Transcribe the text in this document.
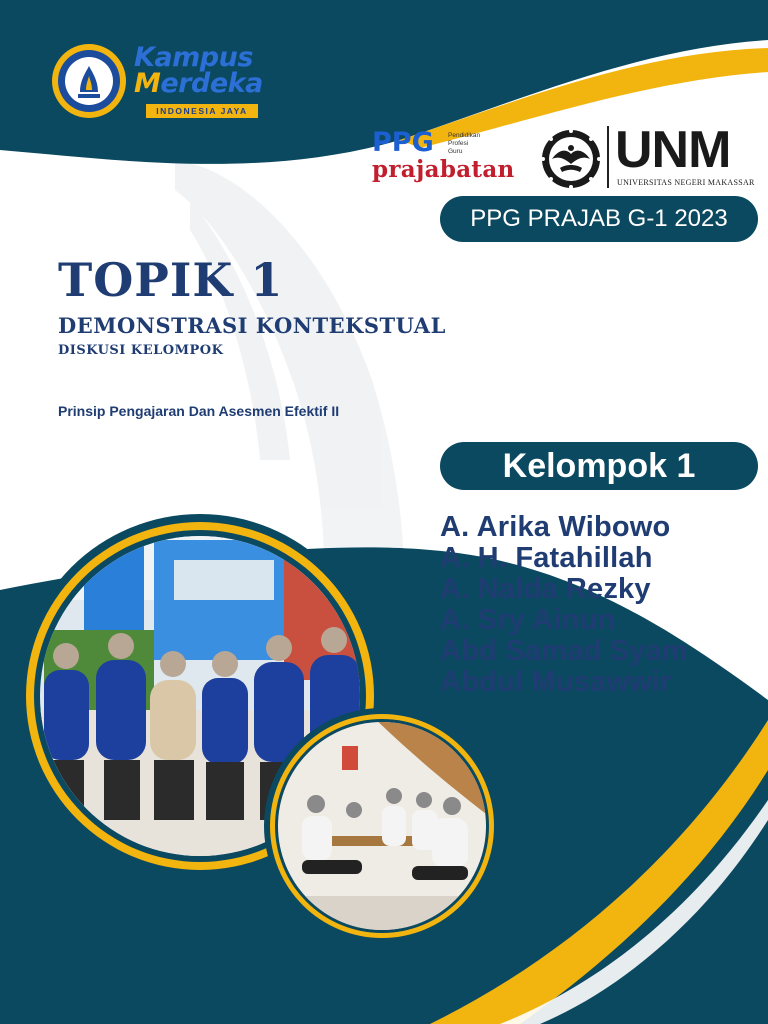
Kampus
Merdeka
INDONESIA JAYA
PPG Pendidikan
Profesi
Guru
prajabatan UNM
UNIVERSITAS NEGERI MAKASSAR
PPG PRAJAB G-1 2023
TOPIK 1
DEMONSTRASI KONTEKSTUAL
DISKUSI KELOMPOK
Prinsip Pengajaran Dan Asesmen Efektif II
Kelompok 1
A. Arika Wibowo
A. H. Fatahillah
A. Nalda Rezky
A. Sry Ainun
Abd Samad Syam
Abdul Musawwir
